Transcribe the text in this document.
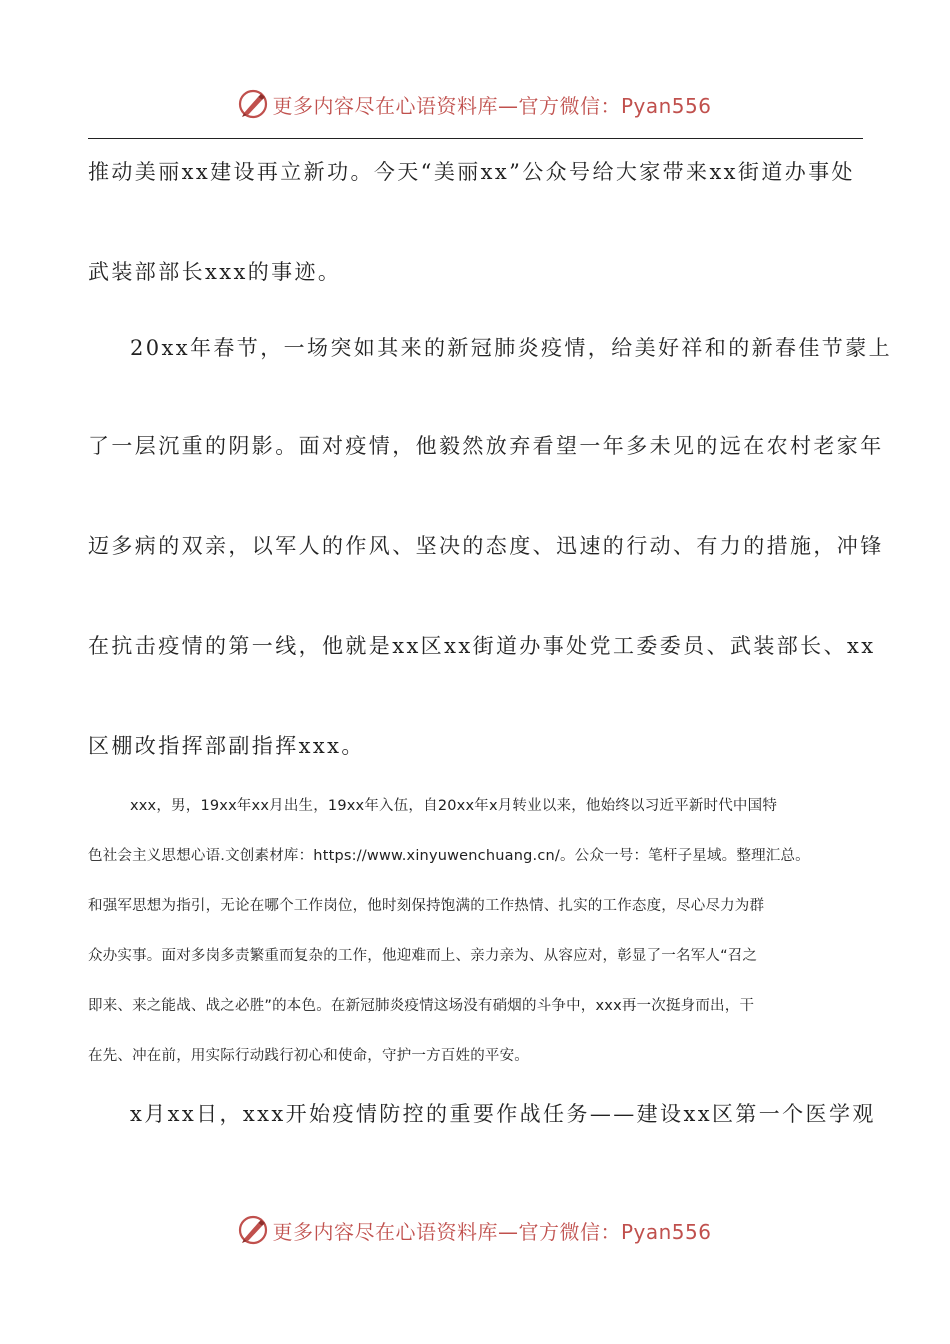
更多内容尽在心语资料库—官方微信：Pyan556
推动美丽xx建设再立新功。今天“美丽xx”公众号给大家带来xx街道办事处
武装部部长xxx的事迹。
20xx年春节，一场突如其来的新冠肺炎疫情，给美好祥和的新春佳节蒙上
了一层沉重的阴影。面对疫情，他毅然放弃看望一年多未见的远在农村老家年
迈多病的双亲，以军人的作风、坚决的态度、迅速的行动、有力的措施，冲锋
在抗击疫情的第一线，他就是xx区xx街道办事处党工委委员、武装部长、xx
区棚改指挥部副指挥xxx。
xxx，男，19xx年xx月出生，19xx年入伍，自20xx年x月转业以来，他始终以习近平新时代中国特
色社会主义思想心语.文创素材库：https://www.xinyuwenchuang.cn/。公众一号：笔杆子星域。整理汇总。
和强军思想为指引，无论在哪个工作岗位，他时刻保持饱满的工作热情、扎实的工作态度，尽心尽力为群
众办实事。面对多岗多责繁重而复杂的工作，他迎难而上、亲力亲为、从容应对，彰显了一名军人“召之
即来、来之能战、战之必胜”的本色。在新冠肺炎疫情这场没有硝烟的斗争中，xxx再一次挺身而出，干
在先、冲在前，用实际行动践行初心和使命，守护一方百姓的平安。
x月xx日，xxx开始疫情防控的重要作战任务——建设xx区第一个医学观
更多内容尽在心语资料库—官方微信：Pyan556
